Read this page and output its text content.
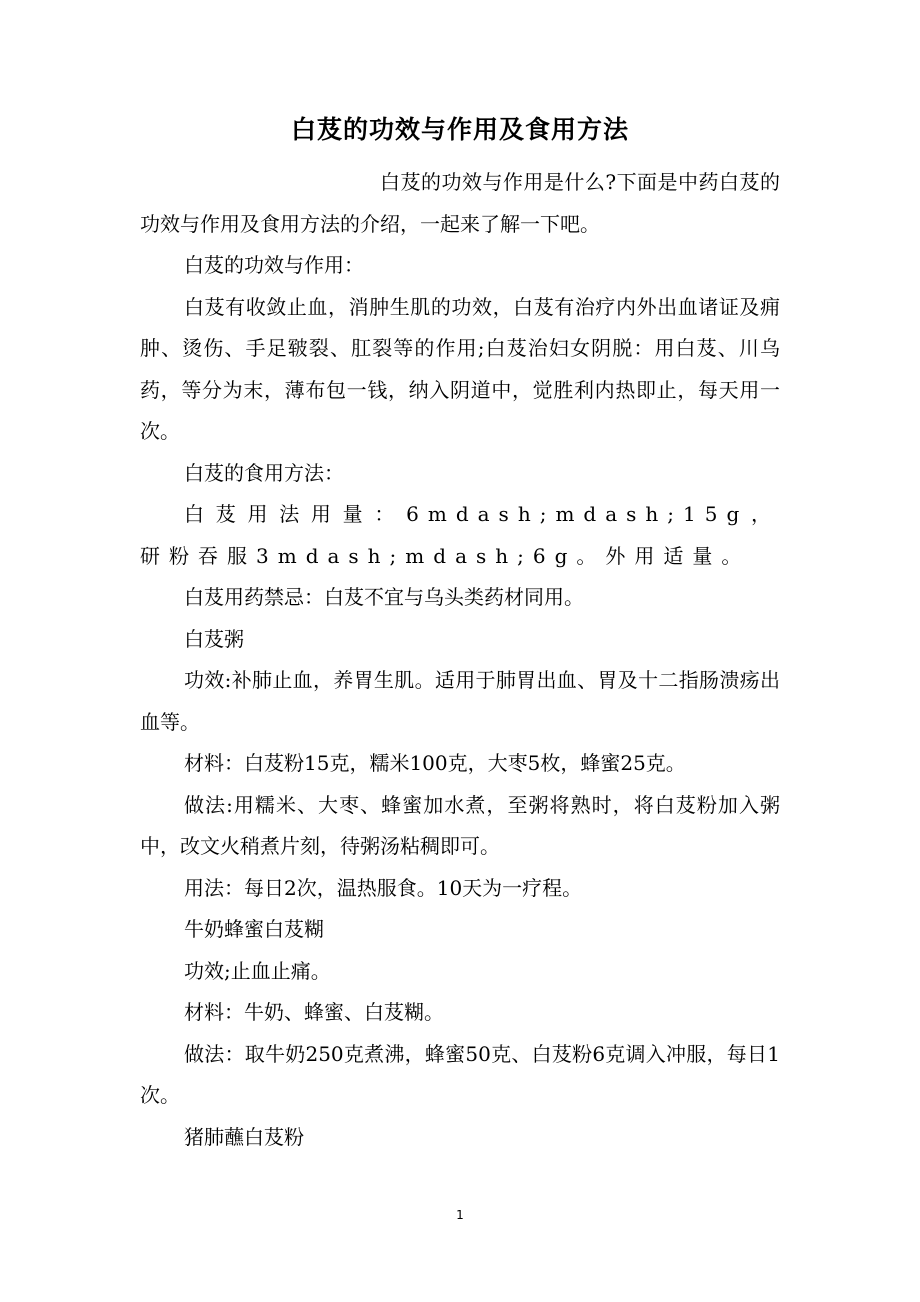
白芨的功效与作用及食用方法

白芨的功效与作用是什么?下面是中药白芨的功效与作用及食用方法的介绍，一起来了解一下吧。

白芨的功效与作用：

白芨有收敛止血，消肿生肌的功效，白芨有治疗内外出血诸证及痈肿、烫伤、手足皲裂、肛裂等的作用;白芨治妇女阴脱：用白芨、川乌药，等分为末，薄布包一钱，纳入阴道中，觉胜利内热即止，每天用一次。

白芨的食用方法：

白芨用法用量：6mdash;mdash;15g，研粉吞服3mdash;mdash;6g。外用适量。

白芨用药禁忌：白芨不宜与乌头类药材同用。

白芨粥

功效:补肺止血，养胃生肌。适用于肺胃出血、胃及十二指肠溃疡出血等。

材料：白芨粉15克，糯米100克，大枣5枚，蜂蜜25克。

做法:用糯米、大枣、蜂蜜加水煮，至粥将熟时，将白芨粉加入粥中，改文火稍煮片刻，待粥汤粘稠即可。

用法：每日2次，温热服食。10天为一疗程。

牛奶蜂蜜白芨糊

功效;止血止痛。

材料：牛奶、蜂蜜、白芨糊。

做法：取牛奶250克煮沸，蜂蜜50克、白芨粉6克调入冲服，每日1次。

猪肺蘸白芨粉

1
